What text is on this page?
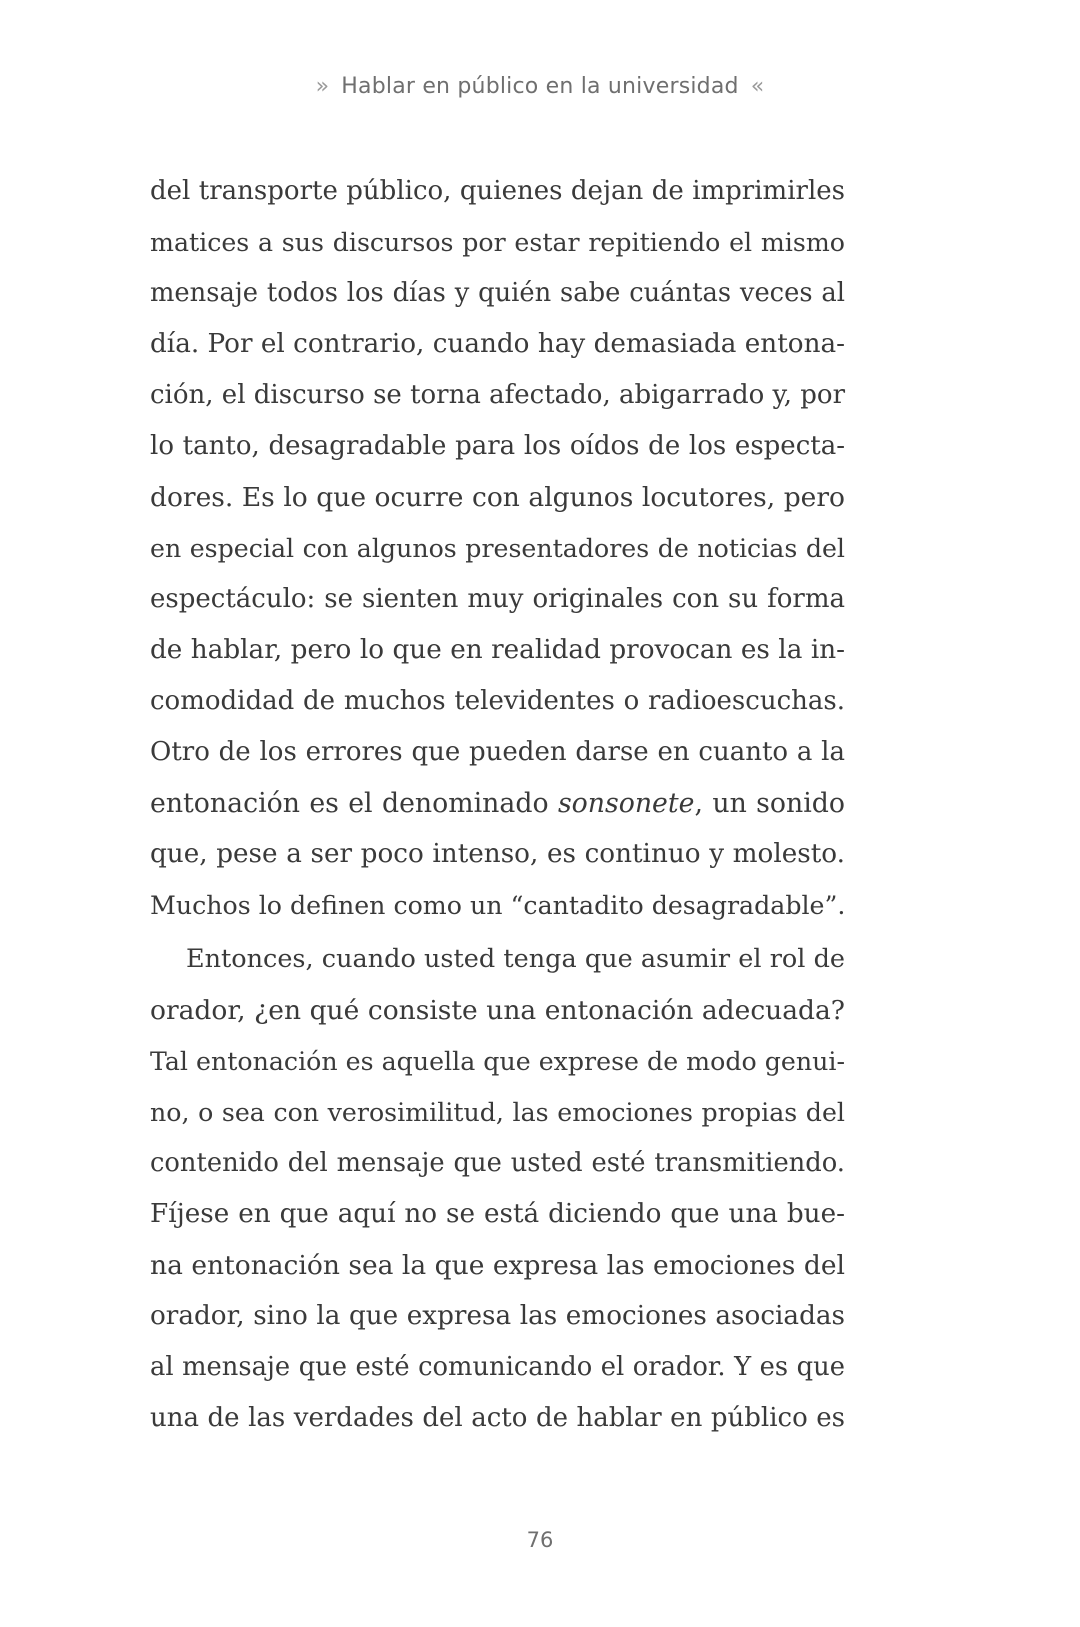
» Hablar en público en la universidad «
del transporte público, quienes dejan de imprimirles
matices a sus discursos por estar repitiendo el mismo
mensaje todos los días y quién sabe cuántas veces al
día. Por el contrario, cuando hay demasiada entona-
ción, el discurso se torna afectado, abigarrado y, por
lo tanto, desagradable para los oídos de los especta-
dores. Es lo que ocurre con algunos locutores, pero
en especial con algunos presentadores de noticias del
espectáculo: se sienten muy originales con su forma
de hablar, pero lo que en realidad provocan es la in-
comodidad de muchos televidentes o radioescuchas.
Otro de los errores que pueden darse en cuanto a la
entonación es el denominado sonsonete, un sonido
que, pese a ser poco intenso, es continuo y molesto.
Muchos lo definen como un “cantadito desagradable”.
Entonces, cuando usted tenga que asumir el rol de
orador, ¿en qué consiste una entonación adecuada?
Tal entonación es aquella que exprese de modo genui-
no, o sea con verosimilitud, las emociones propias del
contenido del mensaje que usted esté transmitiendo.
Fíjese en que aquí no se está diciendo que una bue-
na entonación sea la que expresa las emociones del
orador, sino la que expresa las emociones asociadas
al mensaje que esté comunicando el orador. Y es que
una de las verdades del acto de hablar en público es
76
